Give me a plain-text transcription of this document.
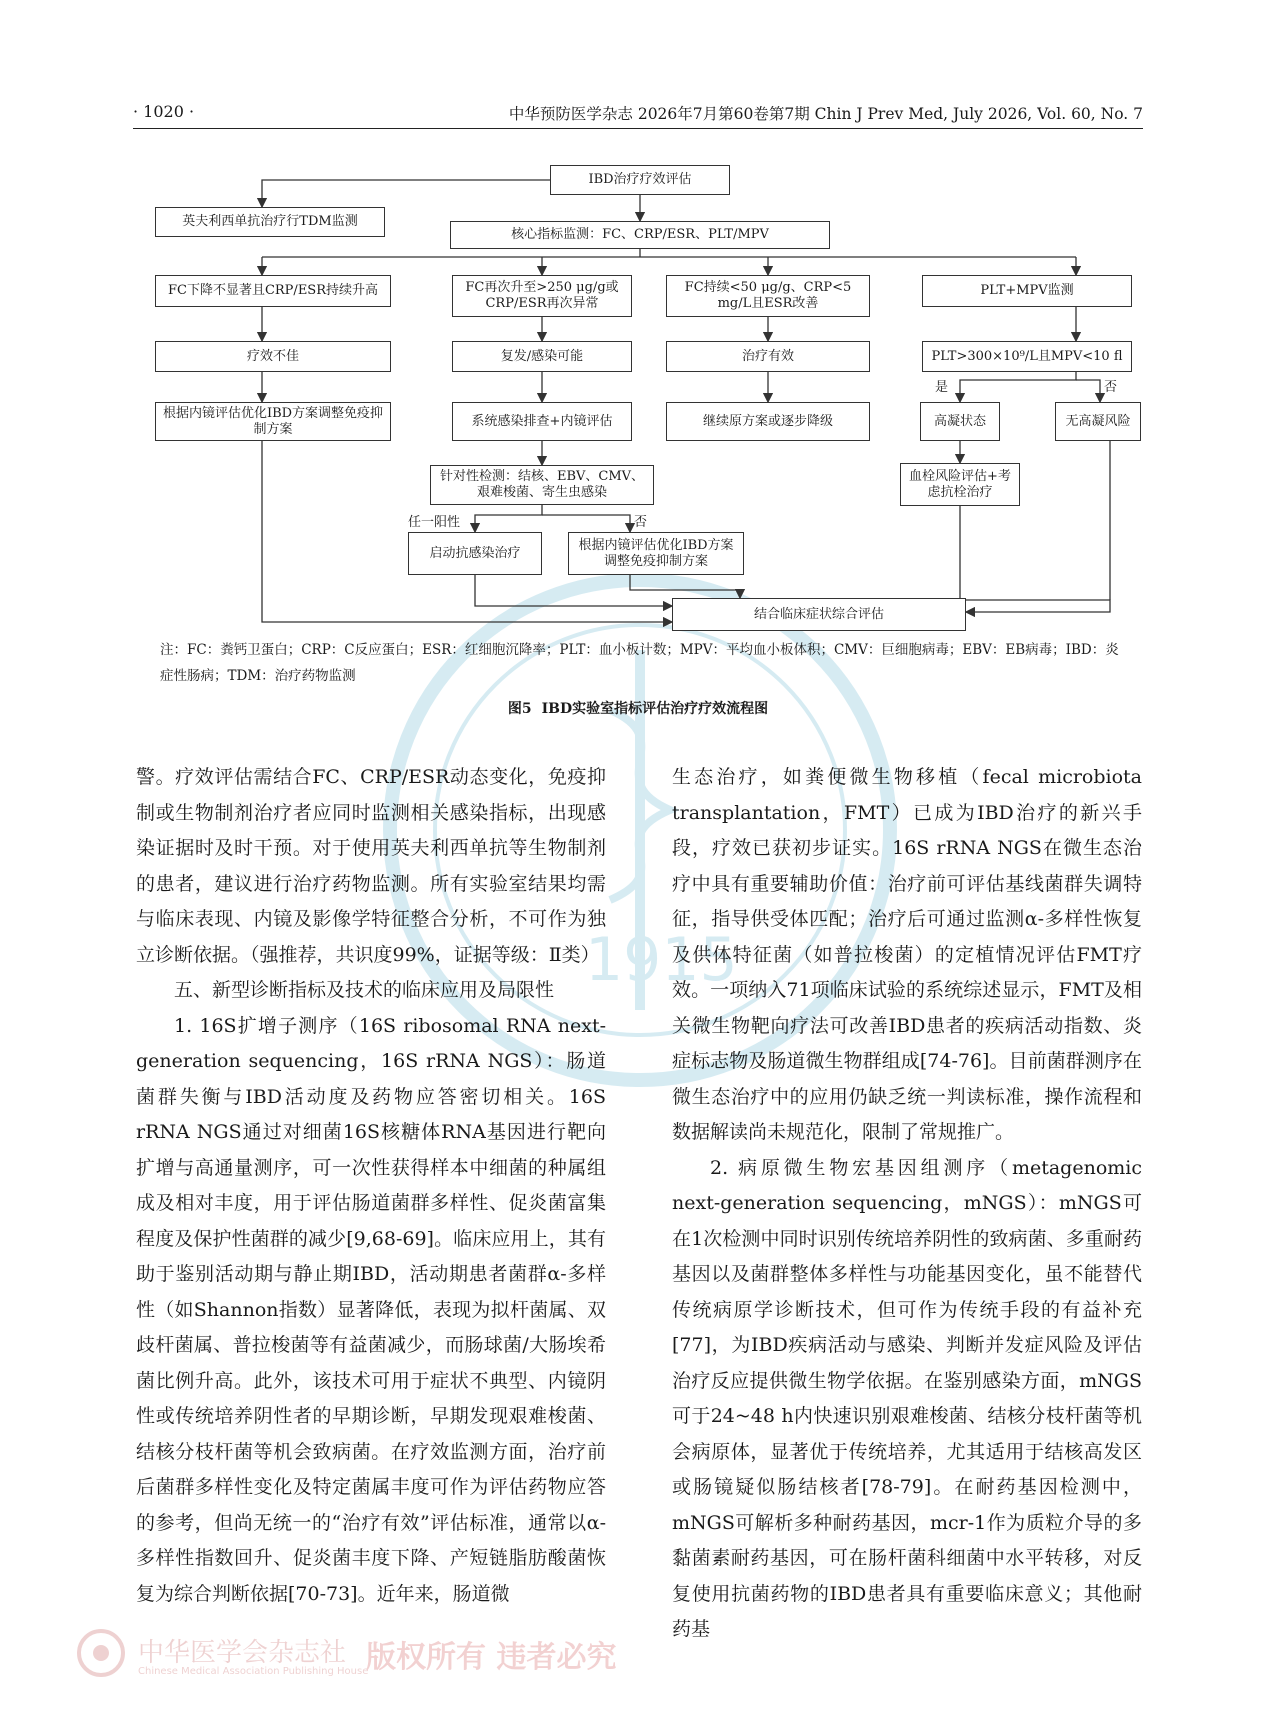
· 1020 ·	中华预防医学杂志 2026年7月第60卷第7期 Chin J Prev Med, July 2026, Vol. 60, No. 7
1915
IBD治疗疗效评估
英夫利西单抗治疗行TDM监测
核心指标监测：FC、CRP/ESR、PLT/MPV
FC下降不显著且CRP/ESR持续升高	FC再次升至>250 μg/g或CRP/ESR再次异常
FC持续<50 μg/g、CRP<5 mg/L且ESR改善
PLT+MPV监测
疗效不佳	复发/感染可能	治疗有效	PLT>300×10⁹/L且MPV<10 fl
是	否
根据内镜评估优化IBD方案调整免疫抑制方案
系统感染排查+内镜评估	继续原方案或逐步降级	高凝状态	无高凝风险
针对性检测：结核、EBV、CMV、艰难梭菌、寄生虫感染
血栓风险评估+考虑抗栓治疗
任一阳性	否
启动抗感染治疗
根据内镜评估优化IBD方案调整免疫抑制方案
结合临床症状综合评估
注：FC：粪钙卫蛋白；CRP：C反应蛋白；ESR：红细胞沉降率；PLT：血小板计数；MPV：平均血小板体积；CMV：巨细胞病毒；EBV：EB病毒；IBD：炎症性肠病；TDM：治疗药物监测
图5 IBD实验室指标评估治疗疗效流程图

警。疗效评估需结合FC、CRP/ESR动态变化，免疫抑制或生物制剂治疗者应同时监测相关感染指标，出现感染证据时及时干预。对于使用英夫利西单抗等生物制剂的患者，建议进行治疗药物监测。所有实验室结果均需与临床表现、内镜及影像学特征整合分析，不可作为独立诊断依据。（强推荐，共识度99%，证据等级：Ⅱ类）

五、新型诊断指标及技术的临床应用及局限性

1. 16S扩增子测序（16S ribosomal RNA next-generation sequencing，16S rRNA NGS）：肠道菌群失衡与IBD活动度及药物应答密切相关。16S rRNA NGS通过对细菌16S核糖体RNA基因进行靶向扩增与高通量测序，可一次性获得样本中细菌的种属组成及相对丰度，用于评估肠道菌群多样性、促炎菌富集程度及保护性菌群的减少[9,68-69]。临床应用上，其有助于鉴别活动期与静止期IBD，活动期患者菌群α-多样性（如Shannon指数）显著降低，表现为拟杆菌属、双歧杆菌属、普拉梭菌等有益菌减少，而肠球菌/大肠埃希菌比例升高。此外，该技术可用于症状不典型、内镜阴性或传统培养阴性者的早期诊断，早期发现艰难梭菌、结核分枝杆菌等机会致病菌。在疗效监测方面，治疗前后菌群多样性变化及特定菌属丰度可作为评估药物应答的参考，但尚无统一的“治疗有效”评估标准，通常以α-多样性指数回升、促炎菌丰度下降、产短链脂肪酸菌恢复为综合判断依据[70-73]。近年来，肠道微

生态治疗，如粪便微生物移植（fecal microbiota transplantation，FMT）已成为IBD治疗的新兴手段，疗效已获初步证实。16S rRNA NGS在微生态治疗中具有重要辅助价值：治疗前可评估基线菌群失调特征，指导供受体匹配；治疗后可通过监测α-多样性恢复及供体特征菌（如普拉梭菌）的定植情况评估FMT疗效。一项纳入71项临床试验的系统综述显示，FMT及相关微生物靶向疗法可改善IBD患者的疾病活动指数、炎症标志物及肠道微生物群组成[74-76]。目前菌群测序在微生态治疗中的应用仍缺乏统一判读标准，操作流程和数据解读尚未规范化，限制了常规推广。

2. 病原微生物宏基因组测序（metagenomic next-generation sequencing，mNGS）：mNGS可在1次检测中同时识别传统培养阴性的致病菌、多重耐药基因以及菌群整体多样性与功能基因变化，虽不能替代传统病原学诊断技术，但可作为传统手段的有益补充[77]，为IBD疾病活动与感染、判断并发症风险及评估治疗反应提供微生物学依据。在鉴别感染方面，mNGS可于24~48 h内快速识别艰难梭菌、结核分枝杆菌等机会病原体，显著优于传统培养，尤其适用于结核高发区或肠镜疑似肠结核者[78-79]。在耐药基因检测中，mNGS可解析多种耐药基因，mcr-1作为质粒介导的多黏菌素耐药基因，可在肠杆菌科细菌中水平转移，对反复使用抗菌药物的IBD患者具有重要临床意义；其他耐药基

中华医学会杂志社
Chinese Medical Association Publishing House
版权所有 违者必究
